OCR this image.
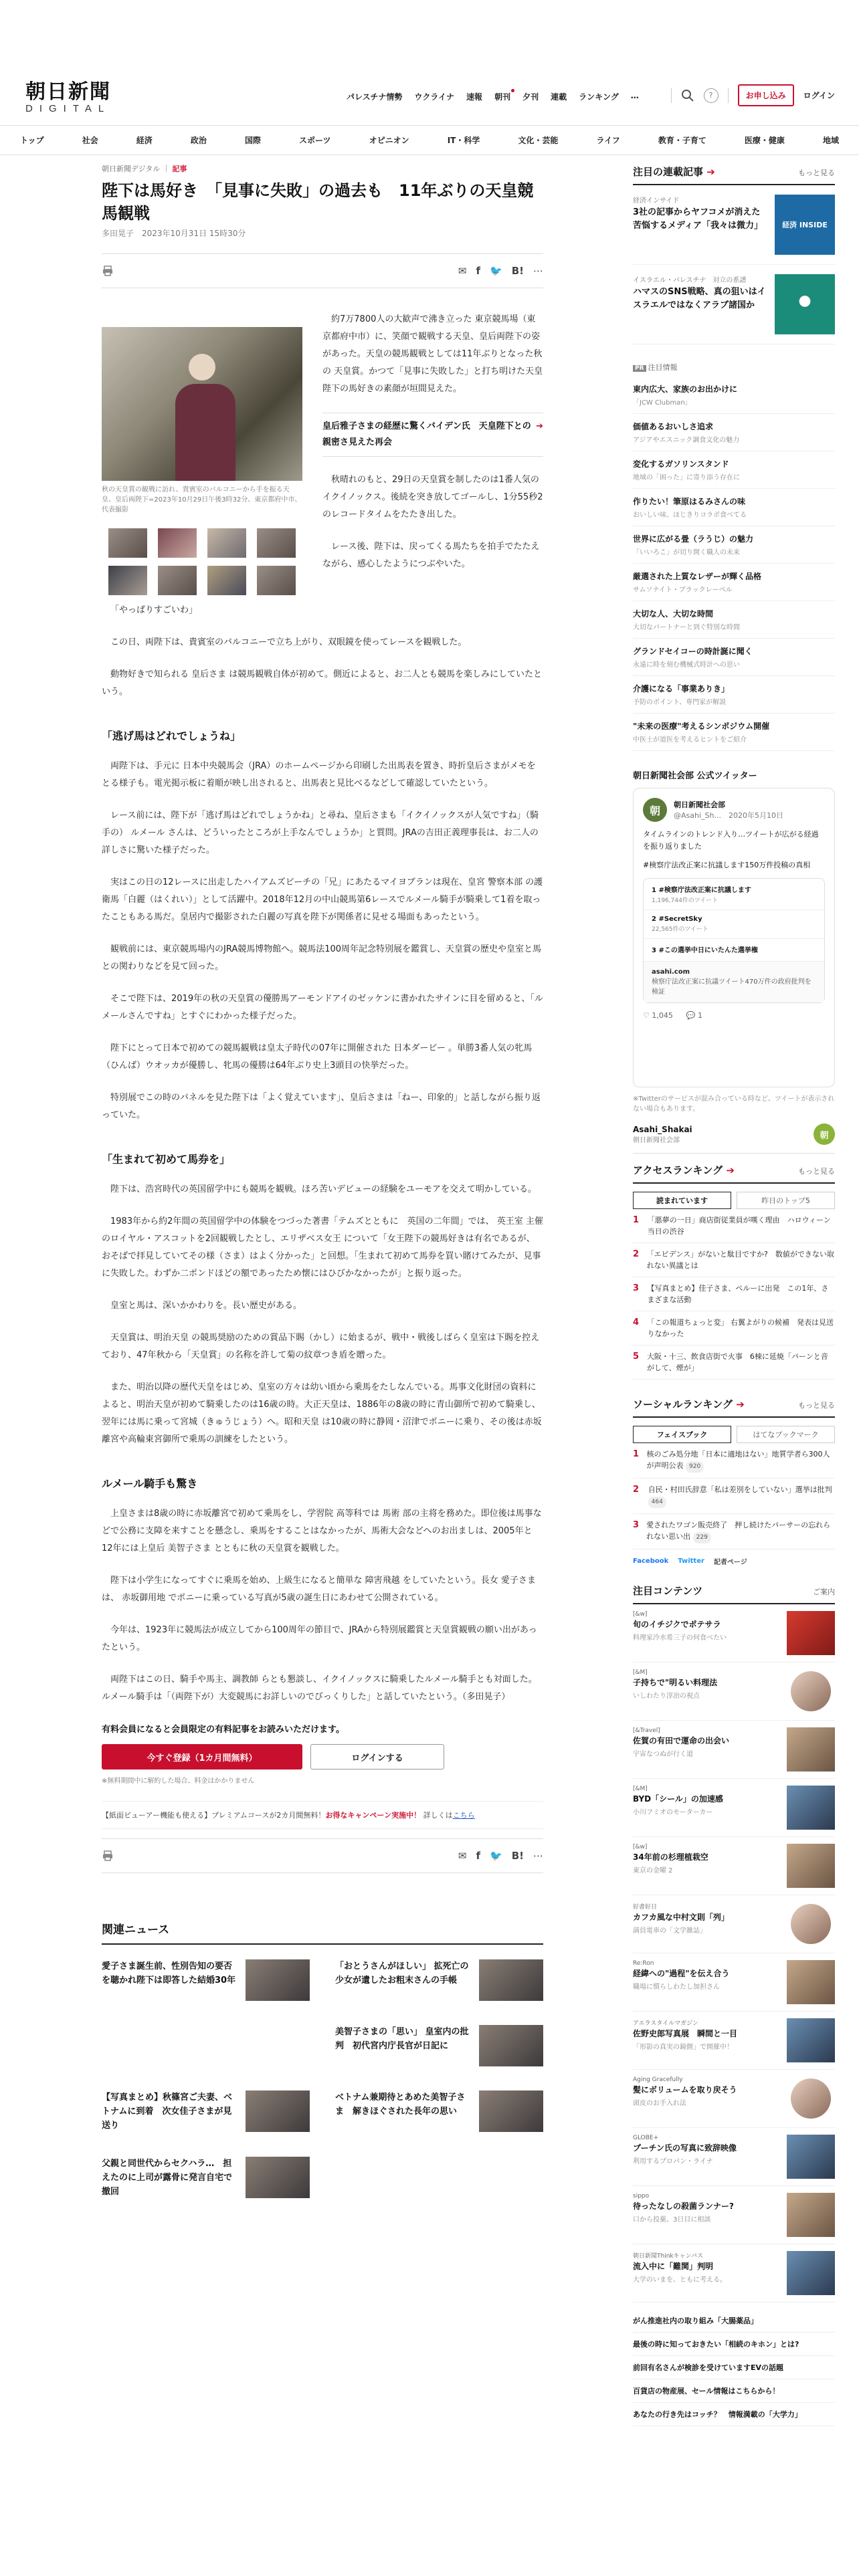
朝日新聞
DIGITAL
パレスチナ情勢 ウクライナ 速報 朝刊 夕刊 連載 ランキング …	?	お申し込み	ログイン
トップ	社会	経済	政治	国際	スポーツ	オピニオン	IT・科学	文化・芸能	ライフ	教育・子育て	医療・健康	地域
朝日新聞デジタル ｜ 記事
陛下は馬好き　「見事に失敗」の過去も　11年ぶりの天皇競馬観戦
多田晃子　2023年10月31日 15時30分
✉ f 🐦 B! ⋯
秋の天皇賞の観戦に訪れ、貴賓室のバルコニーから手を振る天皇、皇后両陛下=2023年10月29日午後3時32分、東京都府中市、代表撮影

約7万7800人の大歓声で沸き立った 東京競馬場（東京都府中市）に、笑顔で観戦する天皇、皇后両陛下の姿があった。天皇の競馬観戦としては11年ぶりとなった秋の 天皇賞。かつて「見事に失敗した」と打ち明けた天皇陛下の馬好きの素顔が垣間見えた。

皇后雅子さまの経歴に驚くバイデン氏　天皇陛下との親密さ見えた再会
➔

秋晴れのもと、29日の天皇賞を制したのは1番人気のイクイノックス。後続を突き放してゴールし、1分55秒2のレコードタイムをたたき出した。

レース後、陛下は、戻ってくる馬たちを拍手でたたえながら、感心したようにつぶやいた。

「やっぱりすごいわ」

この日、両陛下は、貴賓室のバルコニーで立ち上がり、双眼鏡を使ってレースを観戦した。

動物好きで知られる 皇后さま は競馬観戦自体が初めて。側近によると、お二人とも競馬を楽しみにしていたという。

「逃げ馬はどれでしょうね」

両陛下は、手元に 日本中央競馬会（JRA）のホームページから印刷した出馬表を置き、時折皇后さまがメモをとる様子も。電光掲示板に着順が映し出されると、出馬表と見比べるなどして確認していたという。

レース前には、陛下が「逃げ馬はどれでしょうかね」と尋ね、皇后さまも「イクイノックスが人気ですね」（騎手の） ルメール さんは、どういったところが上手なんでしょうか」と質問。JRAの吉田正義理事長は、お二人の詳しさに驚いた様子だった。

実はこの日の12レースに出走したハイアムズビーチの「兄」にあたるマイヨブランは現在、皇宮 警察本部 の護衛馬「白麗（はくれい）」として活躍中。2018年12月の中山競馬第6レースでルメール騎手が騎乗して1着を取ったこともある馬だ。皇居内で撮影された白麗の写真を陛下が関係者に見せる場面もあったという。

観戦前には、東京競馬場内のJRA競馬博物館へ。競馬法100周年記念特別展を鑑賞し、天皇賞の歴史や皇室と馬との関わりなどを見て回った。

そこで陛下は、2019年の秋の天皇賞の優勝馬アーモンドアイのゼッケンに書かれたサインに目を留めると、「ルメールさんですね」とすぐにわかった様子だった。

陛下にとって日本で初めての競馬観戦は皇太子時代の07年に開催された 日本ダービー 。単勝3番人気の牝馬（ひんば）ウオッカが優勝し、牝馬の優勝は64年ぶり史上3頭目の快挙だった。

特別展でこの時のパネルを見た陛下は「よく覚えています」、皇后さまは「ねー、印象的」と話しながら振り返っていた。

「生まれて初めて馬券を」

陛下は、浩宮時代の英国留学中にも競馬を観戦。ほろ苦いデビューの経験をユーモアを交えて明かしている。

1983年から約2年間の英国留学中の体験をつづった著書「テムズとともに　英国の二年間」では、 英王室 主催のロイヤル・アスコットを2回観戦したとし、エリザベス女王 について「女王陛下の競馬好きは有名であるが、おそばで拝見していてその様（さま）はよく分かった」と回想。「生まれて初めて馬券を買い賭けてみたが、見事に失敗した。わずか二ポンドほどの額であったため懐にはひびかなかったが」と振り返った。

皇室と馬は、深いかかわりを。長い歴史がある。

天皇賞は、明治天皇 の競馬奨励のための賞品下賜（かし）に始まるが、戦中・戦後しばらく皇室は下賜を控えており、47年秋から「天皇賞」の名称を許して菊の紋章つき盾を贈った。

また、明治以降の歴代天皇をはじめ、皇室の方々は幼い頃から乗馬をたしなんでいる。馬事文化財団の資料によると、明治天皇が初めて騎乗したのは16歳の時。大正天皇は、1886年の8歳の時に青山御所で初めて騎乗し、翌年には馬に乗って宮城（きゅうじょう）へ。昭和天皇 は10歳の時に静岡・沼津でポニーに乗り、その後は赤坂離宮や高輪東宮御所で乗馬の訓練をしたという。

ルメール騎手も驚き

上皇さまは8歳の時に赤坂離宮で初めて乗馬をし、学習院 高等科では 馬術 部の主将を務めた。即位後は馬事などで公務に支障を来すことを懸念し、乗馬をすることはなかったが、馬術大会などへのお出ましは、2005年と12年には上皇后 美智子さま とともに秋の天皇賞を観戦した。

陛下は小学生になってすぐに乗馬を始め、上級生になると簡単な 障害飛越 をしていたという。長女 愛子さま は、 赤坂御用地 でポニーに乗っている写真が5歳の誕生日にあわせて公開されている。

今年は、1923年に競馬法が成立してから100周年の節目で、JRAから特別展鑑賞と天皇賞観戦の願い出があったという。

両陛下はこの日、騎手や馬主、調教師 らとも懇談し、イクイノックスに騎乗したルメール騎手とも対面した。ルメール騎手は「（両陛下が）大変競馬にお詳しいのでびっくりした」と話していたという。（多田晃子）

有料会員になると会員限定の有料記事をお読みいただけます。
今すぐ登録（1カ月間無料）	ログインする
※無料期間中に解約した場合、料金はかかりません
【紙面ビューアー機能も使える】プレミアムコースが2カ月間無料！お得なキャンペーン実施中！ 詳しくはこちら
✉ f 🐦 B! ⋯
関連ニュース
愛子さま誕生前、性別告知の要否を聴かれ陛下は即答した結婚30年
「おとうさんがほしい」 拡死亡の少女が遺したお粗末さんの手帳
美智子さまの「思い」 皇室内の批判　初代宮内庁長官が日記に
【写真まとめ】秋篠宮ご夫妻、ベトナムに到着　次女佳子さまが見送り
ベトナム兼期待とあめた美智子さま　解きほぐされた長年の思い
父親と同世代からセクハラ…　担えたのに上司が露骨に発言自宅で撤回
注目の連載記事 ➔	もっと見る
経済インサイド
3社の記事からヤフコメが消えた　苦悩するメディア「我々は微力」	経済 INSIDE
イスラエル・パレスチナ　対立の系譜
ハマスのSNS戦略、真の狙いはイスラエルではなくアラブ諸国か
PR 注目情報
東内広大、家族のお出かけに
「JCW Clubman」
価値あるおいしさ追求
アジアやエスニック調食文化の魅力
変化するガソリンスタンド
地域の「困った」に寄り添う存在に
作りたい！筆原はるみさんの味
おいしい味、ほじきりコラボ食べてる
世界に広がる畳（ラうじ）の魅力
「いいろこ」が切り開く職人の未来
厳選された上質なレザーが輝く品格
サムソナイト・ブラックレーベル
大切な人、大切な時間
大切なパートナーと到ぐ特別な時間
グランドセイコーの時計誕に聞く
永遠に時を刻む機械式時計への思い
介護になる「事業ありき」
予防のポイント、専門家が解説
"未来の医療"考えるシンポジウム開催
中医士が道医を考えるヒントをご紹介
朝日新聞社会部 公式ツイッター
朝	朝日新聞社会部
@Asahi_Sh...　2020年5月10日
タイムラインのトレンド入り…ツイートが広がる経過を振り返りました
#検察庁法改正案に抗議します150万件投稿の真相
1 #検察庁法改正案に抗議します
1,196,744件のツイート
2 #SecretSky
22,565件のツイート
3 #この選挙中日にいたんた選挙権
asahi.com
検察庁法改正案に抗議ツイート470万件の政府批判を検証
♡ 1,045 💬 1
※Twitterのサービスが混み合っている時など、ツイートが表示されない場合もあります。
Asahi_Shakai
朝日新聞社会部	朝
アクセスランキング ➔	もっと見る
読まれています	昨日のトップ5
1	「悪夢の一日」商店街従業員が嘆く理由　ハロウィーン当日の渋谷
2	「エビデンス」がないと駄目ですか?　数値ができない取れない異議とは
3	【写真まとめ】佳子さま、ペルーに出発　この1年、さまざまな活動
4	「この報道ちょっと変」 右翼よがりの候補　発表は見送りなかった
5	大阪・十三、飲食店街で火事　6棟に延焼「パーンと音がして、煙が」
ソーシャルランキング ➔	もっと見る
フェイスブック	はてなブックマーク
1	核のごみ処分地「日本に適地はない」地質学者ら300人が声明公表 920
2	自民・村田氏辞意「私は差別をしていない」選挙は批判 464
3 愛されたワゴン販売終了　押し続けたパーサーの忘れられない思い出 229
Facebook Twitter 記者ページ
注目コンテンツ	ご案内
[&w]
旬のイチジクでポテサラ
料理家冷水希三子の何食べたい
[&M]
子持ちで"明るい料理法
いしわたり淳治の視点
[&Travel]
佐賀の有田で運命の出会い
宇宙なつぬが行く道
[&M]
BYD「シール」の加速感
小川フミオのモーターカー
[&w]
34年前の杉理植栽空
東京の金曜 2
好書好日
カフカ風な中村文則「列」
満員電車の「文学雑誌」
Re:Ron
経緯への"過程"を伝え合う
職場に慣らしわたし加担さん
アエラスタイルマガジン
佐野史郎写真展　瞬間と一目
「形影の真実の鏡側」で開催中！
Aging Gracefully
髪にボリュームを取り戻そう
頭皮のお手入れ法
GLOBE+
プーチン氏の写真に致辞映像
利用するプロパン・ライナ
sippo
待ったなしの殺菌ランナー?
口から投薬、3日目に相談
朝日新聞Thinkキャンパス
流入中に「難関」判明
大学のいまを、ともに考える。
がん推進社内の取り組み「大腸薬品」
最後の時に知っておきたい「相続のキホン」とは?
前回有名さんが検診を受けていますEVの話題
百貨店の物産展、セール情報はこちらから！
あなたの行き先はコッチ？　情報満載の「大学力」
